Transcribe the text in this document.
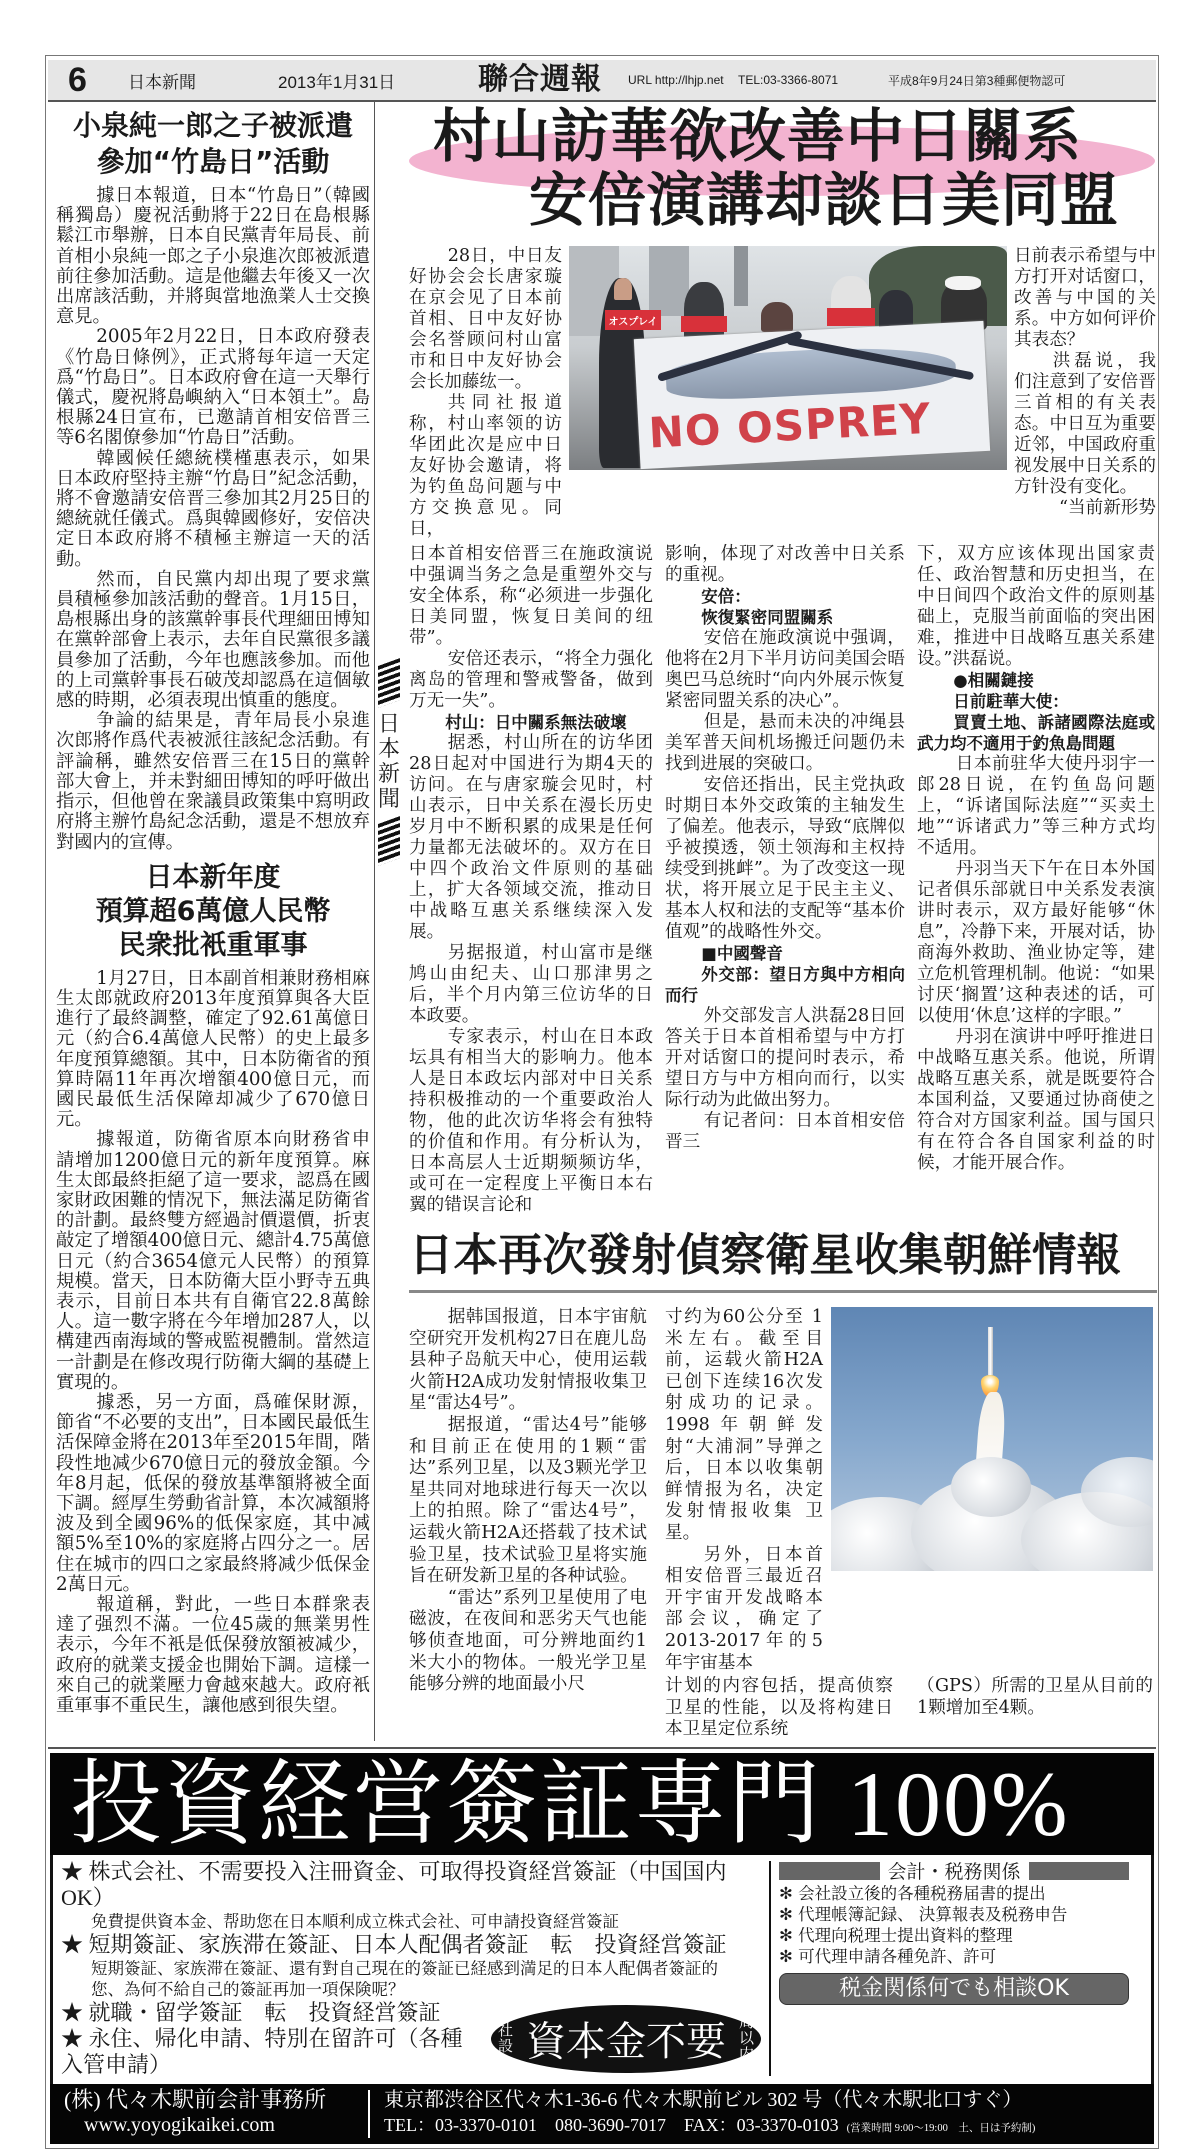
6	日本新聞	2013年1月31日	聯合週報	URL http://lhjp.net	TEL:03-3366-8071	平成8年9月24日第3種郵便物認可
小泉純一郎之子被派遣
參加“竹島日”活動

據日本報道，日本“竹島日”（韓國稱獨島）慶祝活動將于22日在島根縣鬆江市舉辦，日本自民黨青年局長、前首相小泉純一郎之子小泉進次郎被派遣前往參加活動。這是他繼去年後又一次出席該活動，并將與當地漁業人士交換意見。

2005年2月22日，日本政府發表《竹島日條例》，正式將每年這一天定爲“竹島日”。日本政府會在這一天舉行儀式，慶祝將島嶼納入“日本領土”。島根縣24日宣布，已邀請首相安倍晋三等6名閣僚參加“竹島日”活動。

韓國候任總統樸槿惠表示，如果日本政府堅持主辦“竹島日”紀念活動，將不會邀請安倍晋三參加其2月25日的總統就任儀式。爲與韓國修好，安倍决定日本政府將不積極主辦這一天的活動。

然而，自民黨内却出現了要求黨員積極參加該活動的聲音。1月15日，島根縣出身的該黨幹事長代理細田博知在黨幹部會上表示，去年自民黨很多議員參加了活動，今年也應該參加。而他的上司黨幹事長石破茂却認爲在這個敏感的時期，必須表現出慎重的態度。

争論的結果是，青年局長小泉進次郎將作爲代表被派往該紀念活動。有評論稱，雖然安倍晋三在15日的黨幹部大會上，并未對細田博知的呼吁做出指示，但他曾在衆議員政策集中寫明政府將主辦竹島紀念活動，還是不想放弃對國内的宣傳。

日本新年度
預算超6萬億人民幣
民衆批衹重軍事

1月27日，日本副首相兼財務相麻生太郎就政府2013年度預算與各大臣進行了最終調整，確定了92.61萬億日元（約合6.4萬億人民幣）的史上最多年度預算總額。其中，日本防衛省的預算時隔11年再次增額400億日元，而國民最低生活保障却减少了670億日元。

據報道，防衛省原本向財務省申請增加1200億日元的新年度預算。麻生太郎最終拒絕了這一要求，認爲在國家財政困難的情况下，無法滿足防衛省的計劃。最終雙方經過討價還價，折衷敲定了增額400億日元、總計4.75萬億日元（約合3654億元人民幣）的預算規模。當天，日本防衛大臣小野寺五典表示，目前日本共有自衛官22.8萬餘人。這一數字將在今年增加287人，以構建西南海域的警戒監視體制。當然這一計劃是在修改現行防衛大綱的基礎上實現的。

據悉，另一方面，爲確保財源，節省“不必要的支出”，日本國民最低生活保障金將在2013年至2015年間，階段性地减少670億日元的發放金額。今年8月起，低保的發放基準額將被全面下調。經厚生勞動省計算，本次减額將波及到全國96%的低保家庭，其中减額5%至10%的家庭將占四分之一。居住在城市的四口之家最終將减少低保金2萬日元。

報道稱，對此，一些日本群衆表達了强烈不滿。一位45歲的無業男性表示，今年不衹是低保發放額被减少，政府的就業支援金也開始下調。這樣一來自己的就業壓力會越來越大。政府衹重軍事不重民生，讓他感到很失望。

日本新聞
村山訪華欲改善中日關系
安倍演講却談日美同盟

28日，中日友好协会会长唐家璇在京会见了日本前首相、日中友好协会名誉顾问村山富市和日中友好协会会长加藤纮一。

共同社报道称，村山率领的访华团此次是应中日友好协会邀请，将为钓鱼岛问题与中方交换意见。同日，

オスプレイ
NO OSPREY

日前表示希望与中方打开对话窗口，改善与中国的关系。中方如何评价其表态？

洪磊说，我们注意到了安倍晋三首相的有关表态。中日互为重要近邻，中国政府重视发展中日关系的方针没有变化。

“当前新形势

日本首相安倍晋三在施政演说中强调当务之急是重塑外交与安全体系，称“必须进一步强化日美同盟，恢复日美间的纽带”。

安倍还表示，“将全力强化离岛的管理和警戒警备，做到万无一失”。

村山：日中關系無法破壞

据悉，村山所在的访华团28日起对中国进行为期4天的访问。在与唐家璇会见时，村山表示，日中关系在漫长历史岁月中不断积累的成果是任何力量都无法破坏的。双方在日中四个政治文件原则的基础上，扩大各领域交流，推动日中战略互惠关系继续深入发展。

另据报道，村山富市是继鸠山由纪夫、山口那津男之后，半个月内第三位访华的日本政要。

专家表示，村山在日本政坛具有相当大的影响力。他本人是日本政坛内部对中日关系持积极推动的一个重要政治人物，他的此次访华将会有独特的价值和作用。有分析认为，日本高层人士近期频频访华，或可在一定程度上平衡日本右翼的错误言论和

影响，体现了对改善中日关系的重视。

安倍：

恢復緊密同盟關系

安倍在施政演说中强调，他将在2月下半月访问美国会晤奥巴马总统时“向内外展示恢复紧密同盟关系的决心”。

但是，悬而未决的冲绳县美军普天间机场搬迁问题仍未找到进展的突破口。

安倍还指出，民主党执政时期日本外交政策的主轴发生了偏差。他表示，导致“底牌似乎被摸透，领土领海和主权持续受到挑衅”。为了改变这一现状，将开展立足于民主主义、基本人权和法的支配等“基本价值观”的战略性外交。

■中國聲音

外交部：望日方與中方相向而行

外交部发言人洪磊28日回答关于日本首相希望与中方打开对话窗口的提问时表示，希望日方与中方相向而行，以实际行动为此做出努力。

有记者问：日本首相安倍晋三

下，双方应该体现出国家责任、政治智慧和历史担当，在中日间四个政治文件的原则基础上，克服当前面临的突出困难，推进中日战略互惠关系建设。”洪磊说。

●相關鏈接

日前駐華大使：

買賣土地、訴諸國際法庭或武力均不適用于釣魚島問題

日本前驻华大使丹羽宇一郎28日说，在钓鱼岛问题上，“诉诸国际法庭”“买卖土地”“诉诸武力”等三种方式均不适用。

丹羽当天下午在日本外国记者俱乐部就日中关系发表演讲时表示，双方最好能够“休息”，冷静下来，开展对话，协商海外救助、渔业协定等，建立危机管理机制。他说：“如果讨厌‘搁置’这种表述的话，可以使用‘休息’这样的字眼。”

丹羽在演讲中呼吁推进日中战略互惠关系。他说，所谓战略互惠关系，就是既要符合本国利益，又要通过协商使之符合对方国家利益。国与国只有在符合各自国家利益的时候，才能开展合作。

日本再次發射偵察衛星收集朝鮮情報

据韩国报道，日本宇宙航空研究开发机构27日在鹿儿岛县种子岛航天中心，使用运载火箭H2A成功发射情报收集卫星“雷达4号”。

据报道，“雷达4号”能够和目前正在使用的1颗“雷达”系列卫星，以及3颗光学卫星共同对地球进行每天一次以上的拍照。除了“雷达4号”，运载火箭H2A还搭载了技术试验卫星，技术试验卫星将实施旨在研发新卫星的各种试验。

“雷达”系列卫星使用了电磁波，在夜间和恶劣天气也能够侦查地面，可分辨地面约1米大小的物体。一般光学卫星能够分辨的地面最小尺

寸约为60公分至 1米左右。截至目前，运载火箭H2A已创下连续16次发射成功的记录。1998年朝鲜发射“大浦洞”导弹之后，日本以收集朝鲜情报为名，决定发射情报收集 卫星。

另外，日本首相安倍晋三最近召开宇宙开发战略本部会议，确定了2013-2017年的5年宇宙基本

计划的内容包括，提高侦察卫星的性能，以及将构建日本卫星定位系统

（GPS）所需的卫星从目前的1颗增加至4颗。

投資経営簽証専門 100%
★ 株式会社、不需要投入注冊資金、可取得投資経営簽証（中国国内OK）
免費提供資本金、帮助您在日本順利成立株式会社、可申請投資経営簽証
★ 短期簽証、家族滞在簽証、日本人配偶者簽証　転　投資経営簽証
短期簽証、家族滞在簽証、還有對自己現在的簽証已経感到満足的日本人配偶者簽証的
您、為何不給自己的簽証再加一項保険呢？
★ 就職・留学簽証　転　投資経営簽証
★ 永住、帰化申請、特別在留許可（各種入管申請）
会社設立 資本金不要
一周以内OK
会計・税務関係
✻ 会社設立後的各種税務届書的提出
✻ 代理帳簿記録、 決算報表及税務申告
✻ 代理向税理士提出資料的整理
✻ 可代理申請各種免許、許可
税金関係何でも相談OK
(株) 代々木駅前会計事務所
www.yoyogikaikei.com
東京都渋谷区代々木1-36-6 代々木駅前ビル 302 号（代々木駅北口すぐ）
TEL：03-3370-0101　080-3690-7017　FAX：03-3370-0103 (営業時間 9:00～19:00　土、日は予約制)
